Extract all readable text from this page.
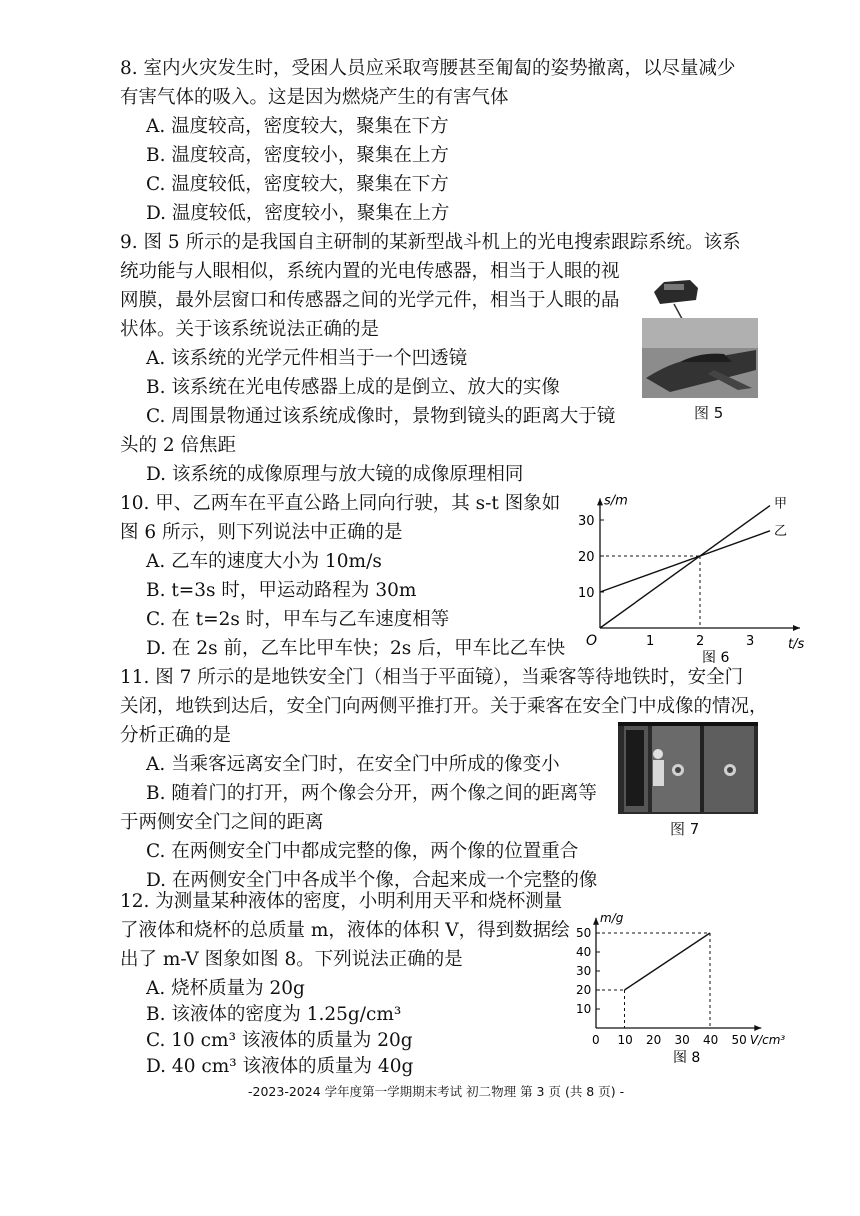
8. 室内火灾发生时，受困人员应采取弯腰甚至匍匐的姿势撤离，以尽量减少
有害气体的吸入。这是因为燃烧产生的有害气体
A. 温度较高，密度较大，聚集在下方
B. 温度较高，密度较小，聚集在上方
C. 温度较低，密度较大，聚集在下方
D. 温度较低，密度较小，聚集在上方
9. 图 5 所示的是我国自主研制的某新型战斗机上的光电搜索跟踪系统。该系
统功能与人眼相似，系统内置的光电传感器，相当于人眼的视
网膜，最外层窗口和传感器之间的光学元件，相当于人眼的晶
状体。关于该系统说法正确的是
A. 该系统的光学元件相当于一个凹透镜
B. 该系统在光电传感器上成的是倒立、放大的实像
C. 周围景物通过该系统成像时，景物到镜头的距离大于镜
头的 2 倍焦距
D. 该系统的成像原理与放大镜的成像原理相同
图 5
10. 甲、乙两车在平直公路上同向行驶，其 s-t 图象如
图 6 所示，则下列说法中正确的是
A. 乙车的速度大小为 10m/s
B. t=3s 时，甲运动路程为 30m
C. 在 t=2s 时，甲车与乙车速度相等
D. 在 2s 前，乙车比甲车快；2s 后，甲车比乙车快
s/m
t/s
1	2	3
O
10
20
30
甲
乙
图 6
11. 图 7 所示的是地铁安全门（相当于平面镜），当乘客等待地铁时，安全门
关闭，地铁到达后，安全门向两侧平推打开。关于乘客在安全门中成像的情况，
分析正确的是
A. 当乘客远离安全门时，在安全门中所成的像变小
B. 随着门的打开，两个像会分开，两个像之间的距离等
于两侧安全门之间的距离
C. 在两侧安全门中都成完整的像，两个像的位置重合
D. 在两侧安全门中各成半个像，合起来成一个完整的像
图 7
12. 为测量某种液体的密度，小明利用天平和烧杯测量
了液体和烧杯的总质量 m，液体的体积 V，得到数据绘
出了 m-V 图象如图 8。下列说法正确的是
A. 烧杯质量为 20g
B. 该液体的密度为 1.25g/cm³
C. 10 cm³ 该液体的质量为 20g
D. 40 cm³ 该液体的质量为 40g
m/g
10
20
30
40
50
0 10 20 30 40 50 V/cm³
图 8
-2023-2024 学年度第一学期期末考试 初二物理 第 3 页 (共 8 页) -
